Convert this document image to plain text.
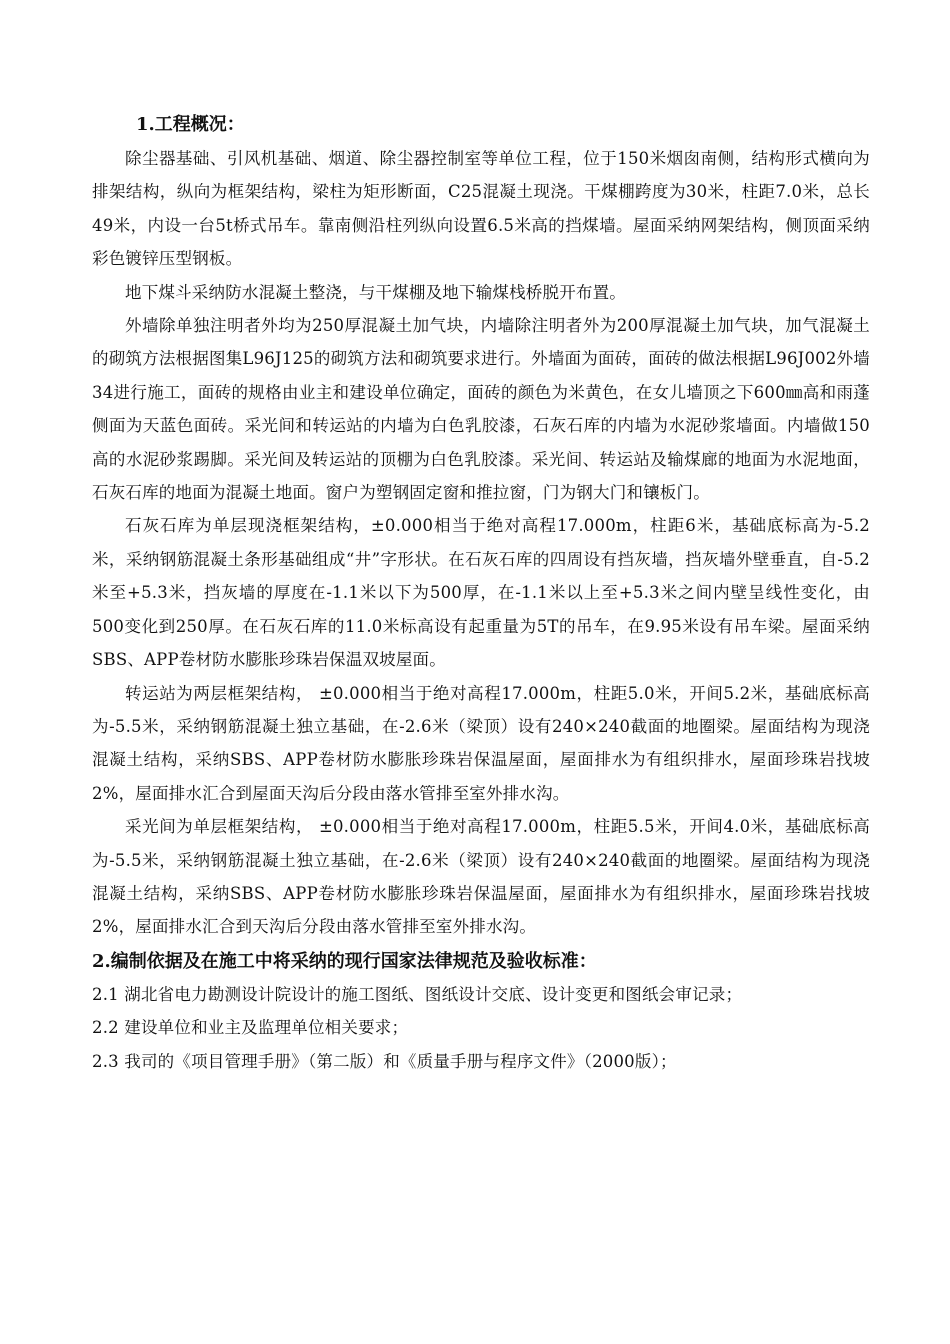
1.工程概况：

除尘器基础、引风机基础、烟道、除尘器控制室等单位工程，位于150米烟囱南侧，结构形式横向为排架结构，纵向为框架结构，梁柱为矩形断面，C25混凝土现浇。干煤棚跨度为30米，柱距7.0米，总长49米，内设一台5t桥式吊车。靠南侧沿柱列纵向设置6.5米高的挡煤墙。屋面采纳网架结构，侧顶面采纳彩色镀锌压型钢板。

地下煤斗采纳防水混凝土整浇，与干煤棚及地下输煤栈桥脱开布置。

外墙除单独注明者外均为250厚混凝土加气块，内墙除注明者外为200厚混凝土加气块，加气混凝土的砌筑方法根据图集L96J125的砌筑方法和砌筑要求进行。外墙面为面砖，面砖的做法根据L96J002外墙34进行施工，面砖的规格由业主和建设单位确定，面砖的颜色为米黄色，在女儿墙顶之下600㎜高和雨蓬侧面为天蓝色面砖。采光间和转运站的内墙为白色乳胶漆，石灰石库的内墙为水泥砂浆墙面。内墙做150高的水泥砂浆踢脚。采光间及转运站的顶棚为白色乳胶漆。采光间、转运站及输煤廊的地面为水泥地面，石灰石库的地面为混凝土地面。窗户为塑钢固定窗和推拉窗，门为钢大门和镶板门。

石灰石库为单层现浇框架结构，±0.000相当于绝对高程17.000m，柱距6米，基础底标高为-5.2米，采纳钢筋混凝土条形基础组成“井”字形状。在石灰石库的四周设有挡灰墙，挡灰墙外壁垂直，自-5.2米至+5.3米，挡灰墙的厚度在-1.1米以下为500厚，在-1.1米以上至+5.3米之间内壁呈线性变化，由500变化到250厚。在石灰石库的11.0米标高设有起重量为5T的吊车，在9.95米设有吊车梁。屋面采纳SBS、APP卷材防水膨胀珍珠岩保温双坡屋面。

转运站为两层框架结构， ±0.000相当于绝对高程17.000m，柱距5.0米，开间5.2米，基础底标高为-5.5米，采纳钢筋混凝土独立基础，在-2.6米（梁顶）设有240×240截面的地圈梁。屋面结构为现浇混凝土结构，采纳SBS、APP卷材防水膨胀珍珠岩保温屋面，屋面排水为有组织排水，屋面珍珠岩找坡2%，屋面排水汇合到屋面天沟后分段由落水管排至室外排水沟。

采光间为单层框架结构， ±0.000相当于绝对高程17.000m，柱距5.5米，开间4.0米，基础底标高为-5.5米，采纳钢筋混凝土独立基础，在-2.6米（梁顶）设有240×240截面的地圈梁。屋面结构为现浇混凝土结构，采纳SBS、APP卷材防水膨胀珍珠岩保温屋面，屋面排水为有组织排水，屋面珍珠岩找坡2%，屋面排水汇合到天沟后分段由落水管排至室外排水沟。

2.编制依据及在施工中将采纳的现行国家法律规范及验收标准：

2.1 湖北省电力勘测设计院设计的施工图纸、图纸设计交底、设计变更和图纸会审记录；

2.2 建设单位和业主及监理单位相关要求；

2.3 我司的《项目管理手册》（第二版）和《质量手册与程序文件》（2000版）；
